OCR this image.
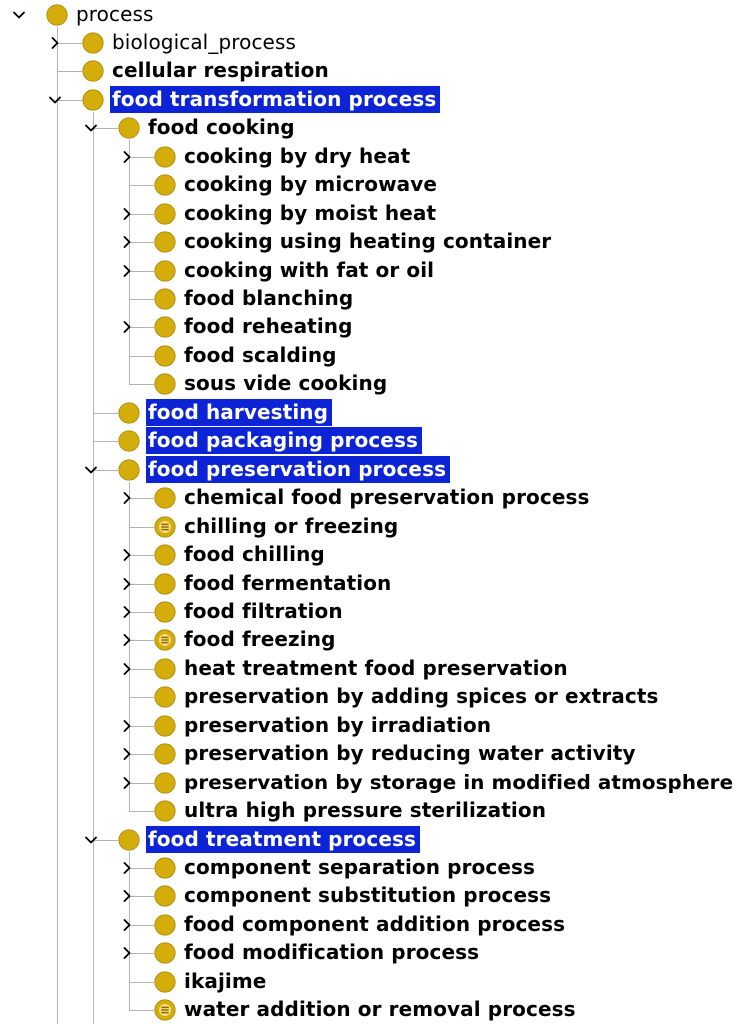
process
biological_process
cellular respiration
food transformation process
food cooking
cooking by dry heat
cooking by microwave
cooking by moist heat
cooking using heating container
cooking with fat or oil
food blanching
food reheating
food scalding
sous vide cooking
food harvesting
food packaging process
food preservation process
chemical food preservation process
chilling or freezing
food chilling
food fermentation
food filtration
food freezing
heat treatment food preservation
preservation by adding spices or extracts
preservation by irradiation
preservation by reducing water activity
preservation by storage in modified atmosphere
ultra high pressure sterilization
food treatment process
component separation process
component substitution process
food component addition process
food modification process
ikajime
water addition or removal process
